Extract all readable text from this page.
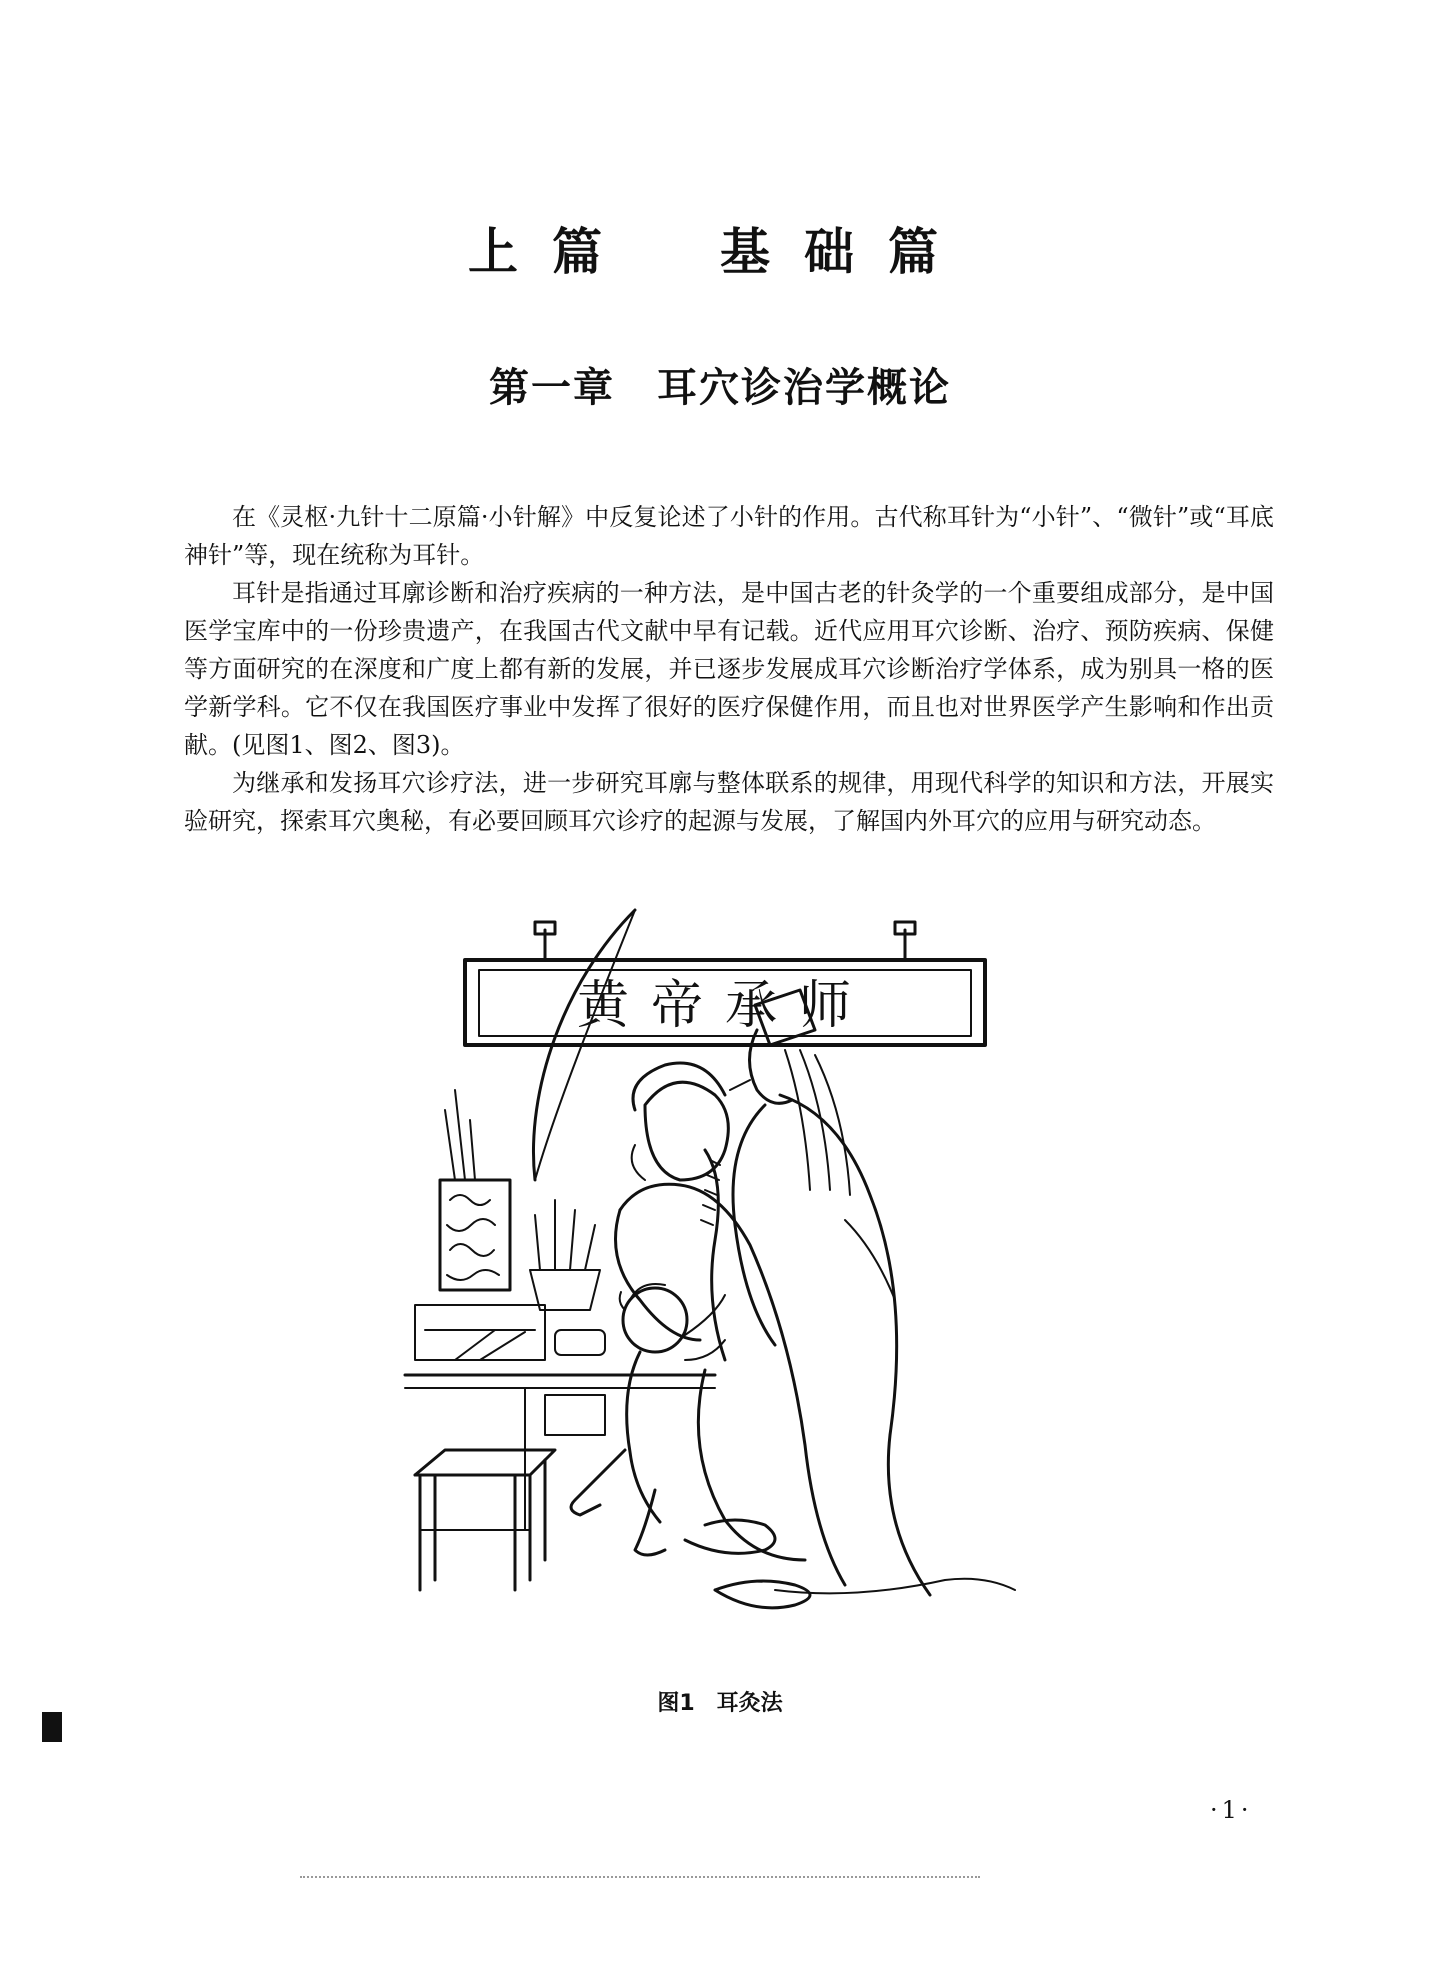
上篇　基础篇
第一章　耳穴诊治学概论

在《灵枢·九针十二原篇·小针解》中反复论述了小针的作用。古代称耳针为“小针”、“微针”或“耳底神针”等，现在统称为耳针。

耳针是指通过耳廓诊断和治疗疾病的一种方法，是中国古老的针灸学的一个重要组成部分，是中国医学宝库中的一份珍贵遗产，在我国古代文献中早有记载。近代应用耳穴诊断、治疗、预防疾病、保健等方面研究的在深度和广度上都有新的发展，并已逐步发展成耳穴诊断治疗学体系，成为别具一格的医学新学科。它不仅在我国医疗事业中发挥了很好的医疗保健作用，而且也对世界医学产生影响和作出贡献。(见图1、图2、图3)。

为继承和发扬耳穴诊疗法，进一步研究耳廓与整体联系的规律，用现代科学的知识和方法，开展实验研究，探索耳穴奥秘，有必要回顾耳穴诊疗的起源与发展，了解国内外耳穴的应用与研究动态。

黄帝承师
图1　耳灸法
·1·
